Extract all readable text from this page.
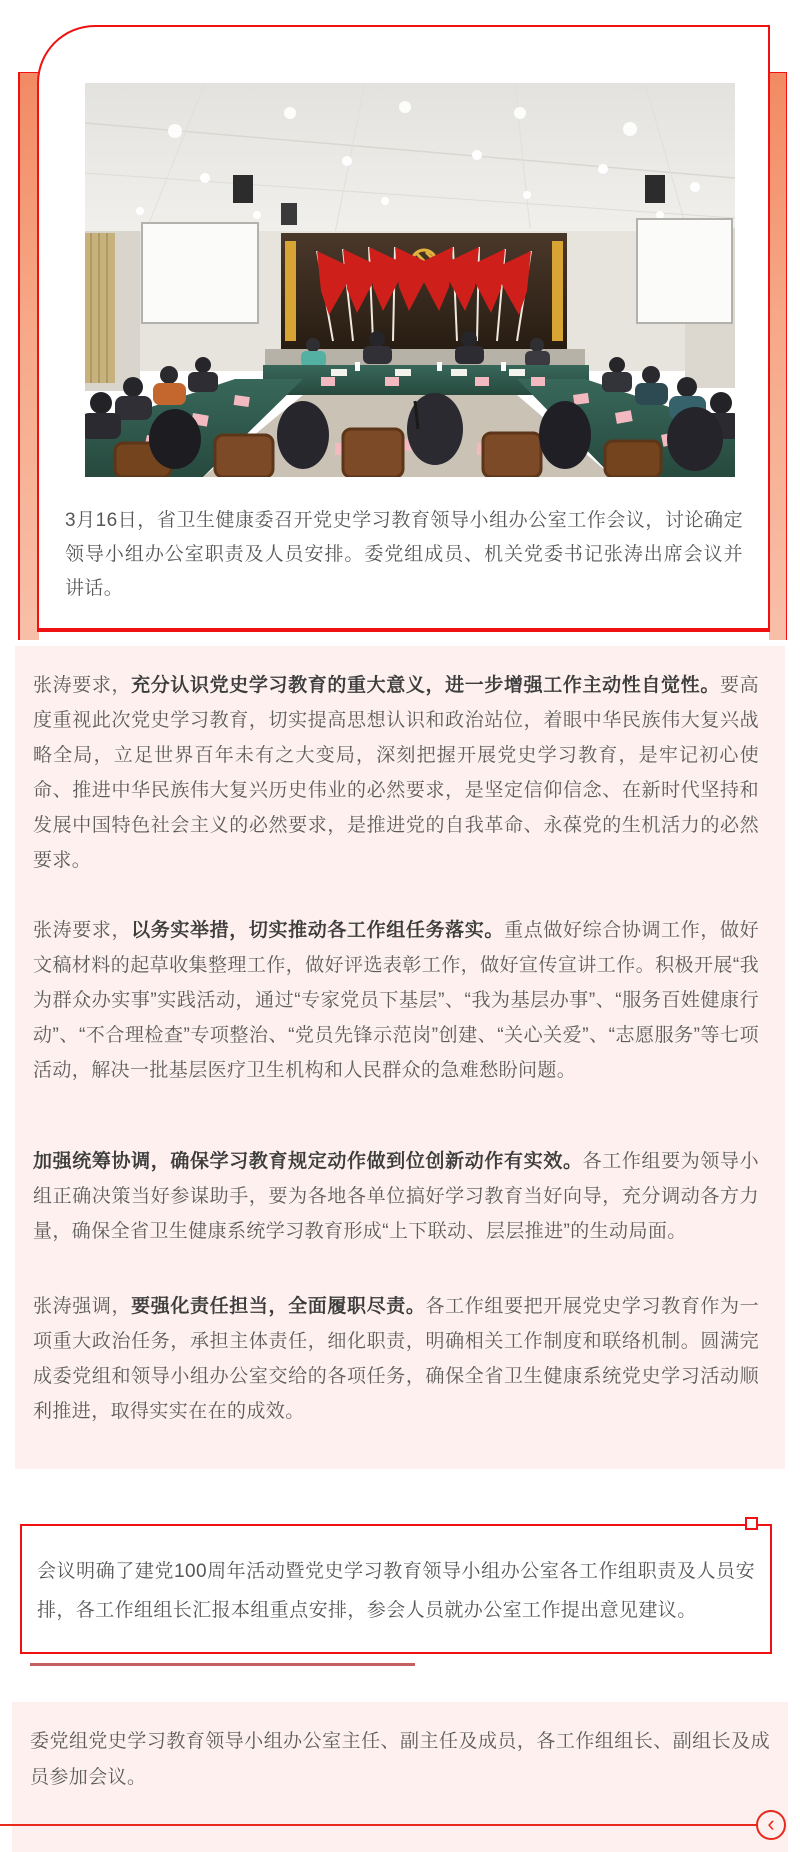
3月16日，省卫生健康委召开党史学习教育领导小组办公室工作会议，讨论确定领导小组办公室职责及人员安排。委党组成员、机关党委书记张涛出席会议并讲话。

张涛要求，充分认识党史学习教育的重大意义，进一步增强工作主动性自觉性。要高度重视此次党史学习教育，切实提高思想认识和政治站位，着眼中华民族伟大复兴战略全局，立足世界百年未有之大变局，深刻把握开展党史学习教育，是牢记初心使命、推进中华民族伟大复兴历史伟业的必然要求，是坚定信仰信念、在新时代坚持和发展中国特色社会主义的必然要求，是推进党的自我革命、永葆党的生机活力的必然要求。

张涛要求，以务实举措，切实推动各工作组任务落实。重点做好综合协调工作，做好文稿材料的起草收集整理工作，做好评选表彰工作，做好宣传宣讲工作。积极开展“我为群众办实事”实践活动，通过“专家党员下基层”、“我为基层办事”、“服务百姓健康行动”、“不合理检查”专项整治、“党员先锋示范岗”创建、“关心关爱”、“志愿服务”等七项活动，解决一批基层医疗卫生机构和人民群众的急难愁盼问题。

加强统筹协调，确保学习教育规定动作做到位创新动作有实效。各工作组要为领导小组正确决策当好参谋助手，要为各地各单位搞好学习教育当好向导，充分调动各方力量，确保全省卫生健康系统学习教育形成“上下联动、层层推进”的生动局面。

张涛强调，要强化责任担当，全面履职尽责。各工作组要把开展党史学习教育作为一项重大政治任务，承担主体责任，细化职责，明确相关工作制度和联络机制。圆满完成委党组和领导小组办公室交给的各项任务，确保全省卫生健康系统党史学习活动顺利推进，取得实实在在的成效。

会议明确了建党100周年活动暨党史学习教育领导小组办公室各工作组职责及人员安排，各工作组组长汇报本组重点安排，参会人员就办公室工作提出意见建议。

委党组党史学习教育领导小组办公室主任、副主任及成员，各工作组组长、副组长及成员参加会议。

‹
